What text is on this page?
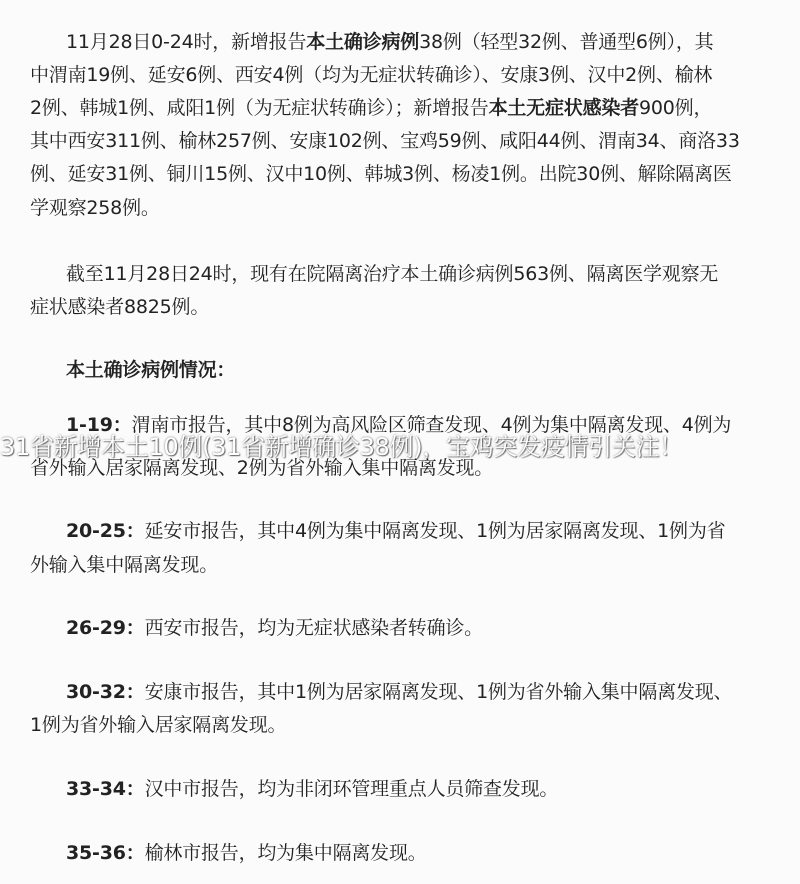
11月28日0-24时，新增报告本土确诊病例38例（轻型32例、普通型6例），其
中渭南19例、延安6例、西安4例（均为无症状转确诊）、安康3例、汉中2例、榆林
2例、韩城1例、咸阳1例（为无症状转确诊）；新增报告本土无症状感染者900例，
其中西安311例、榆林257例、安康102例、宝鸡59例、咸阳44例、渭南34、商洛33
例、延安31例、铜川15例、汉中10例、韩城3例、杨凌1例。出院30例、解除隔离医
学观察258例。
截至11月28日24时，现有在院隔离治疗本土确诊病例563例、隔离医学观察无
症状感染者8825例。
本土确诊病例情况：
1-19：渭南市报告，其中8例为高风险区筛查发现、4例为集中隔离发现、4例为
省外输入居家隔离发现、2例为省外输入集中隔离发现。
20-25：延安市报告，其中4例为集中隔离发现、1例为居家隔离发现、1例为省
外输入集中隔离发现。
26-29：西安市报告，均为无症状感染者转确诊。
30-32：安康市报告，其中1例为居家隔离发现、1例为省外输入集中隔离发现、
1例为省外输入居家隔离发现。
33-34：汉中市报告，均为非闭环管理重点人员筛查发现。
35-36：榆林市报告，均为集中隔离发现。
31省新增本土10例(31省新增确诊38例)，宝鸡突发疫情引关注！
